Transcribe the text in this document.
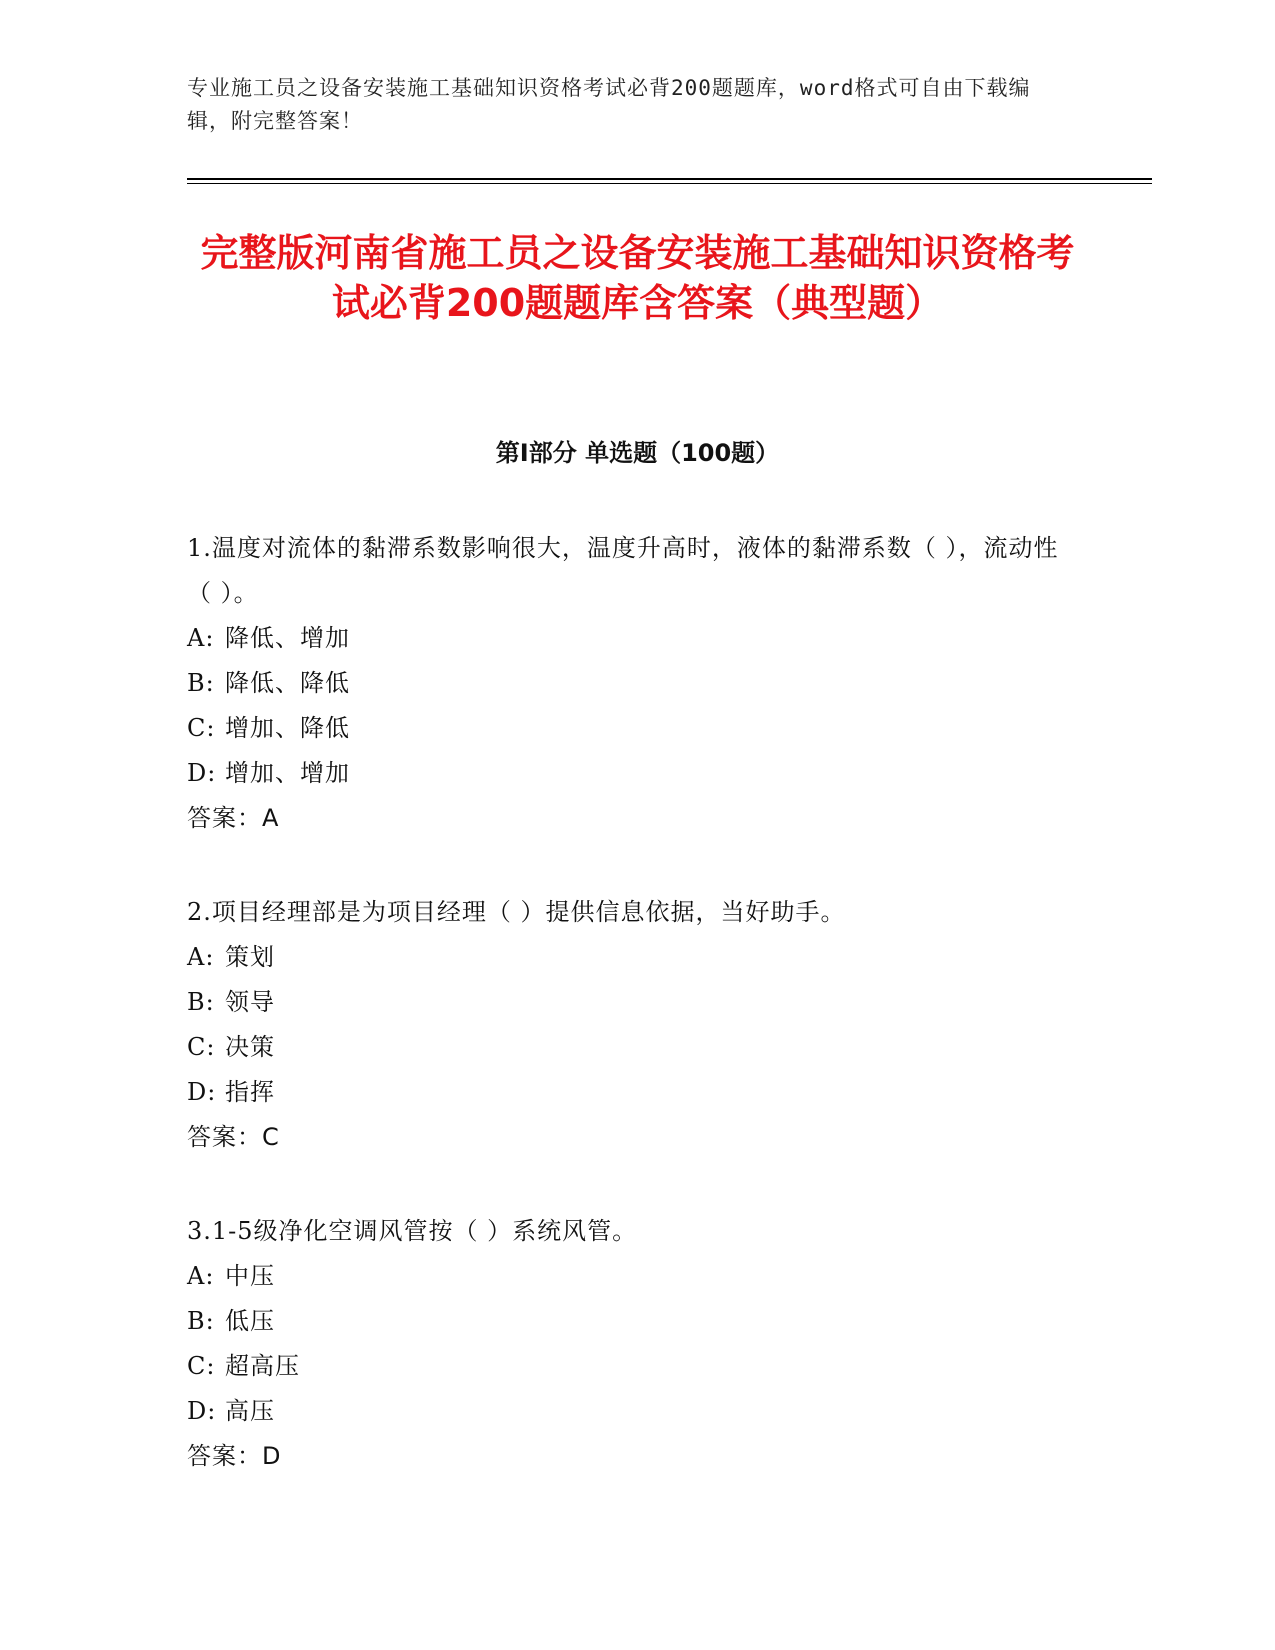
专业施工员之设备安装施工基础知识资格考试必背200题题库，word格式可自由下载编辑，附完整答案！
完整版河南省施工员之设备安装施工基础知识资格考试必背200题题库含答案（典型题）
第I部分 单选题（100题）
1.温度对流体的黏滞系数影响很大，温度升高时，液体的黏滞系数（ ），流动性（ ）。
A: 降低、增加
B: 降低、降低
C: 增加、降低
D: 增加、增加
答案：A
2.项目经理部是为项目经理（ ）提供信息依据，当好助手。
A: 策划
B: 领导
C: 决策
D: 指挥
答案：C
3.1-5级净化空调风管按（ ）系统风管。
A: 中压
B: 低压
C: 超高压
D: 高压
答案：D
